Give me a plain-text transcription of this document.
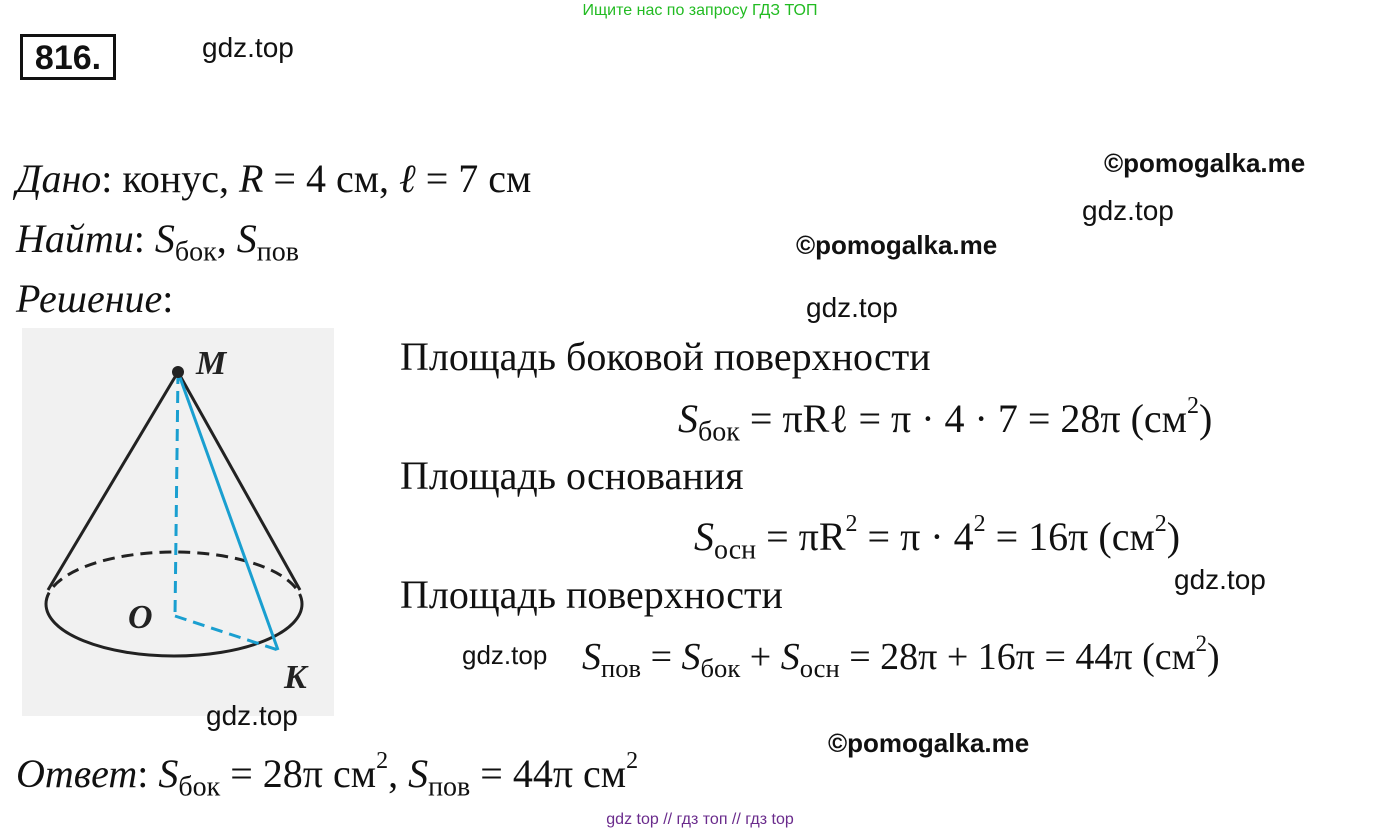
Ищите нас по запросу ГДЗ ТОП
816.	gdz.top
Дано: конус, R = 4 см, ℓ = 7 см
Найти: $S_{бок}$, $S_{пов}$
Решение:
©pomogalka.me
gdz.top
©pomogalka.me
gdz.top
M
O
K
gdz.top
Площадь боковой поверхности
$S_{бок}$ = πRℓ = π · 4 · 7 = 28π $(см^2)$
Площадь основания
$S_{осн} = \pi R^2 = \pi \cdot 4^2 = 16\pi$ $(см^2)$
gdz.top
Площадь поверхности
gdz.top $S_{пов} = S_{бок} + S_{осн} = 28\pi + 16\pi = 44\pi$ $(см^2)$
©pomogalka.me
Ответ: $S_{бок} = 28\pi$ $см^2$, $S_{пов} = 44\pi$ $см^2$
gdz top // гдз топ // гдз top
